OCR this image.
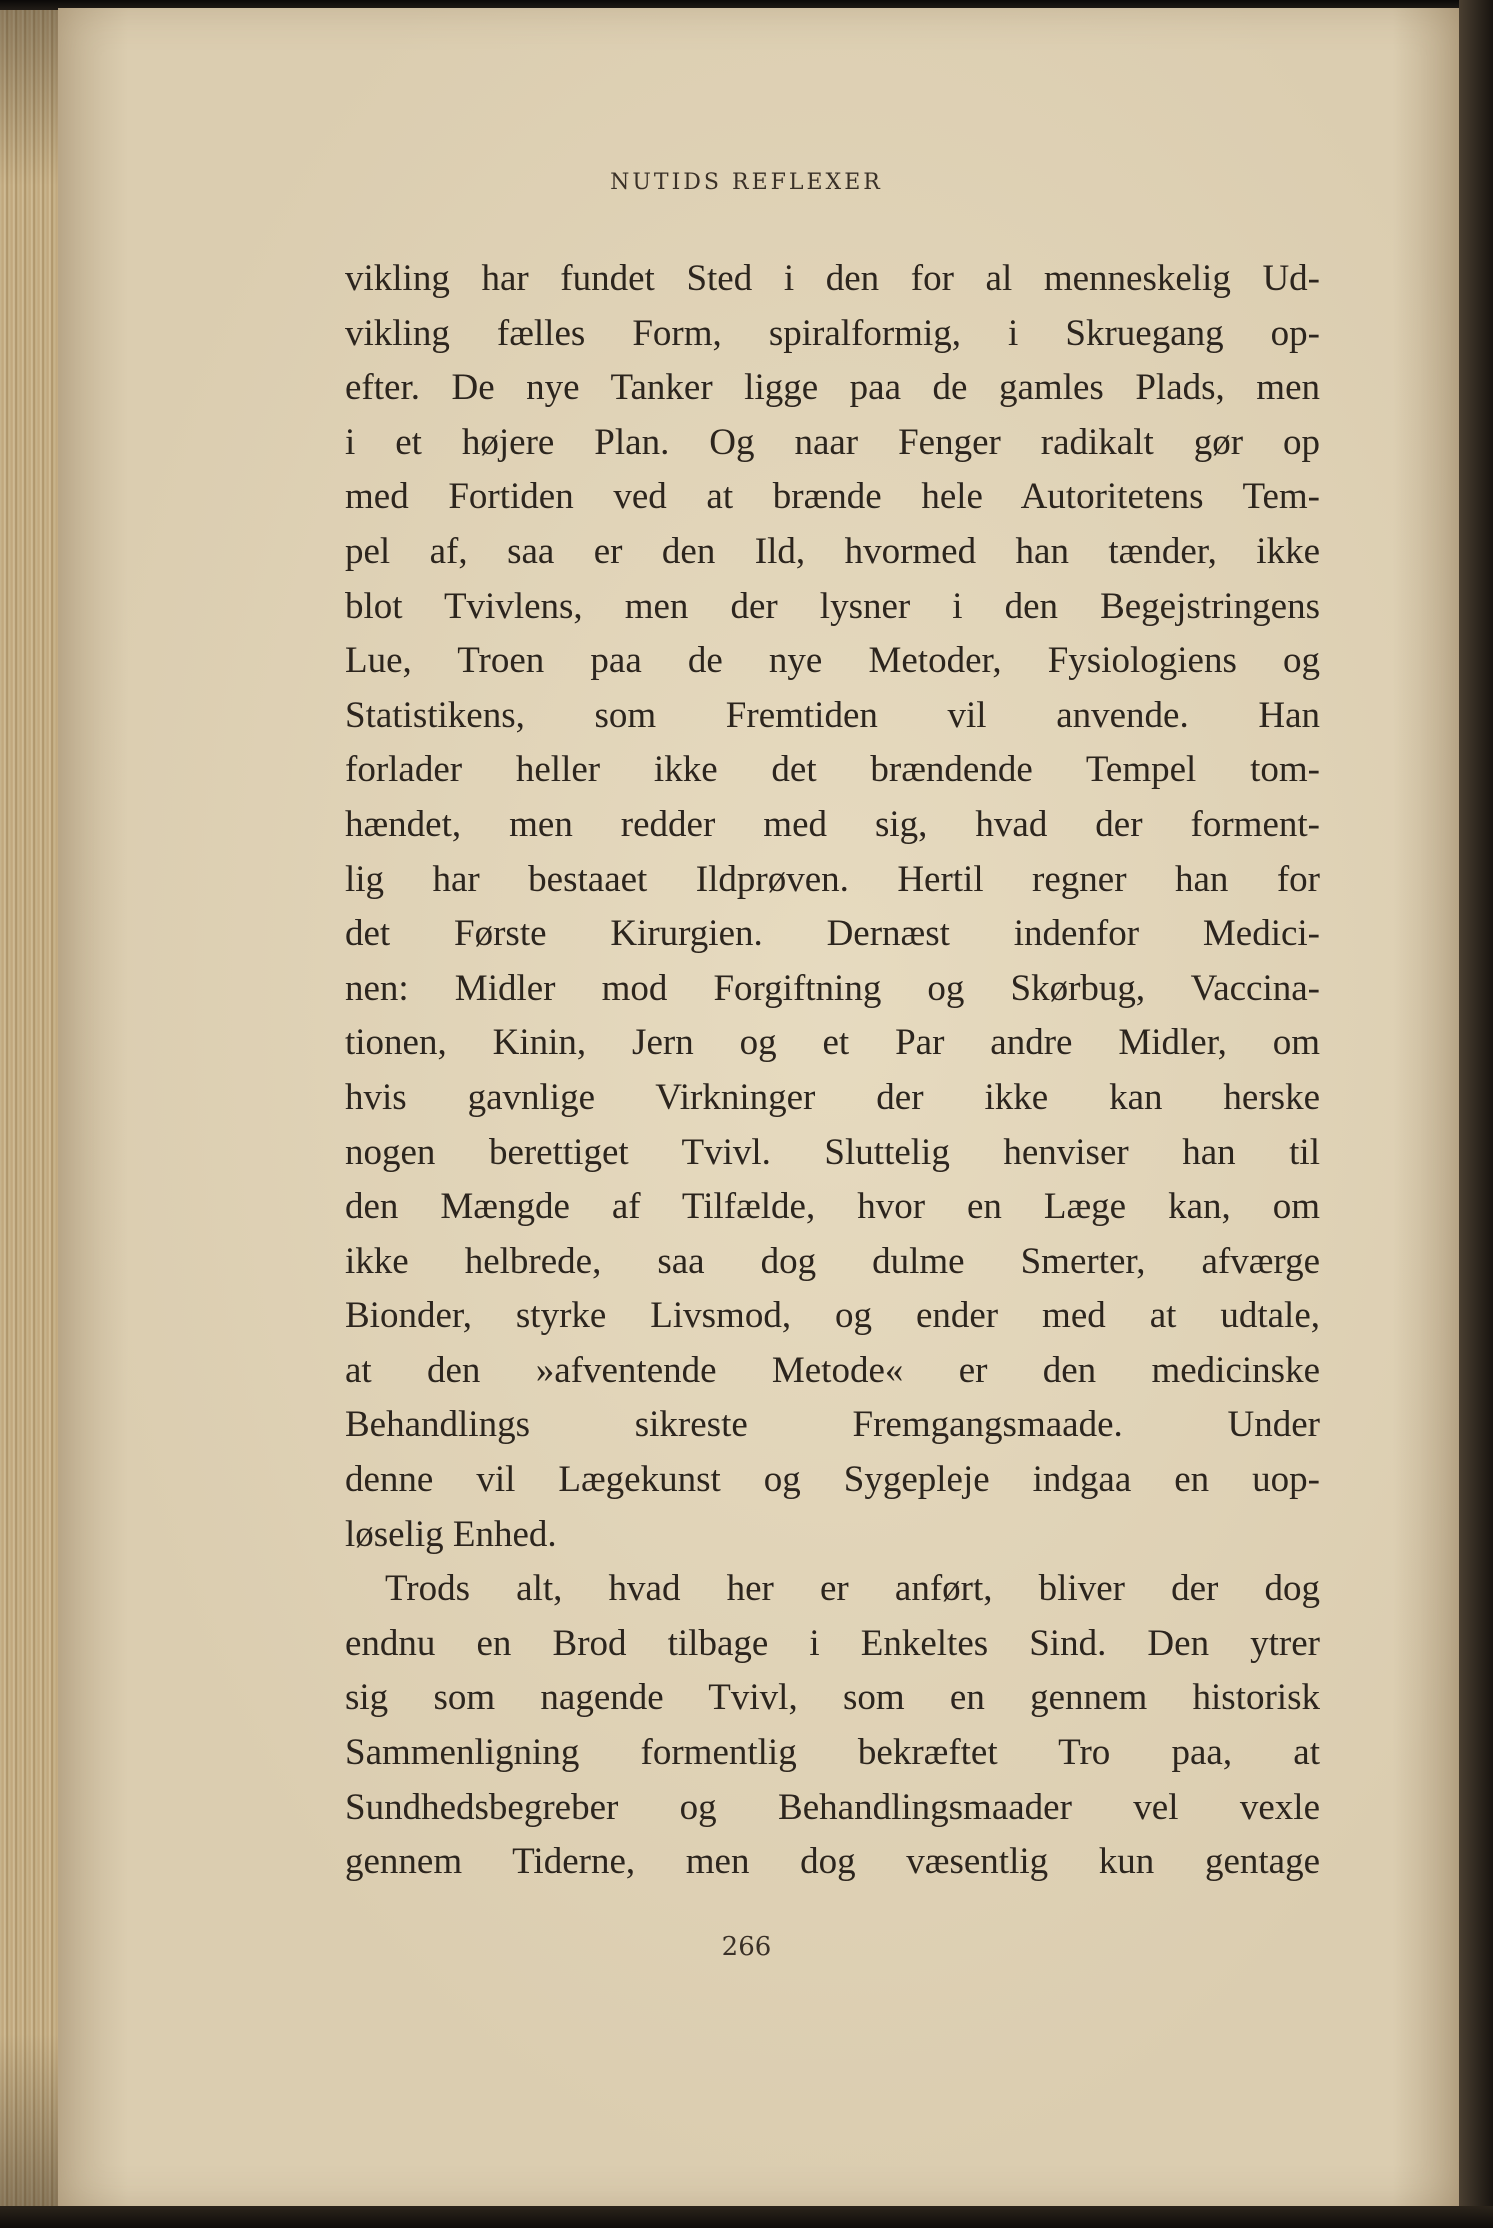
NUTIDS REFLEXER
vikling har fundet Sted i den for al menneskelig Ud-
vikling fælles Form, spiralformig, i Skruegang op-
efter. De nye Tanker ligge paa de gamles Plads, men
i et højere Plan. Og naar Fenger radikalt gør op
med Fortiden ved at brænde hele Autoritetens Tem-
pel af, saa er den Ild, hvormed han tænder, ikke
blot Tvivlens, men der lysner i den Begejstringens
Lue, Troen paa de nye Metoder, Fysiologiens og
Statistikens, som Fremtiden vil anvende. Han
forlader heller ikke det brændende Tempel tom-
hændet, men redder med sig, hvad der forment-
lig har bestaaet Ildprøven. Hertil regner han for
det Første Kirurgien. Dernæst indenfor Medici-
nen: Midler mod Forgiftning og Skørbug, Vaccina-
tionen, Kinin, Jern og et Par andre Midler, om
hvis gavnlige Virkninger der ikke kan herske
nogen berettiget Tvivl. Sluttelig henviser han til
den Mængde af Tilfælde, hvor en Læge kan, om
ikke helbrede, saa dog dulme Smerter, afværge
Bionder, styrke Livsmod, og ender med at udtale,
at den »afventende Metode« er den medicinske
Behandlings sikreste Fremgangsmaade. Under
denne vil Lægekunst og Sygepleje indgaa en uop-
løselig Enhed.
Trods alt, hvad her er anført, bliver der dog
endnu en Brod tilbage i Enkeltes Sind. Den ytrer
sig som nagende Tvivl, som en gennem historisk
Sammenligning formentlig bekræftet Tro paa, at
Sundhedsbegreber og Behandlingsmaader vel vexle
gennem Tiderne, men dog væsentlig kun gentage
266
